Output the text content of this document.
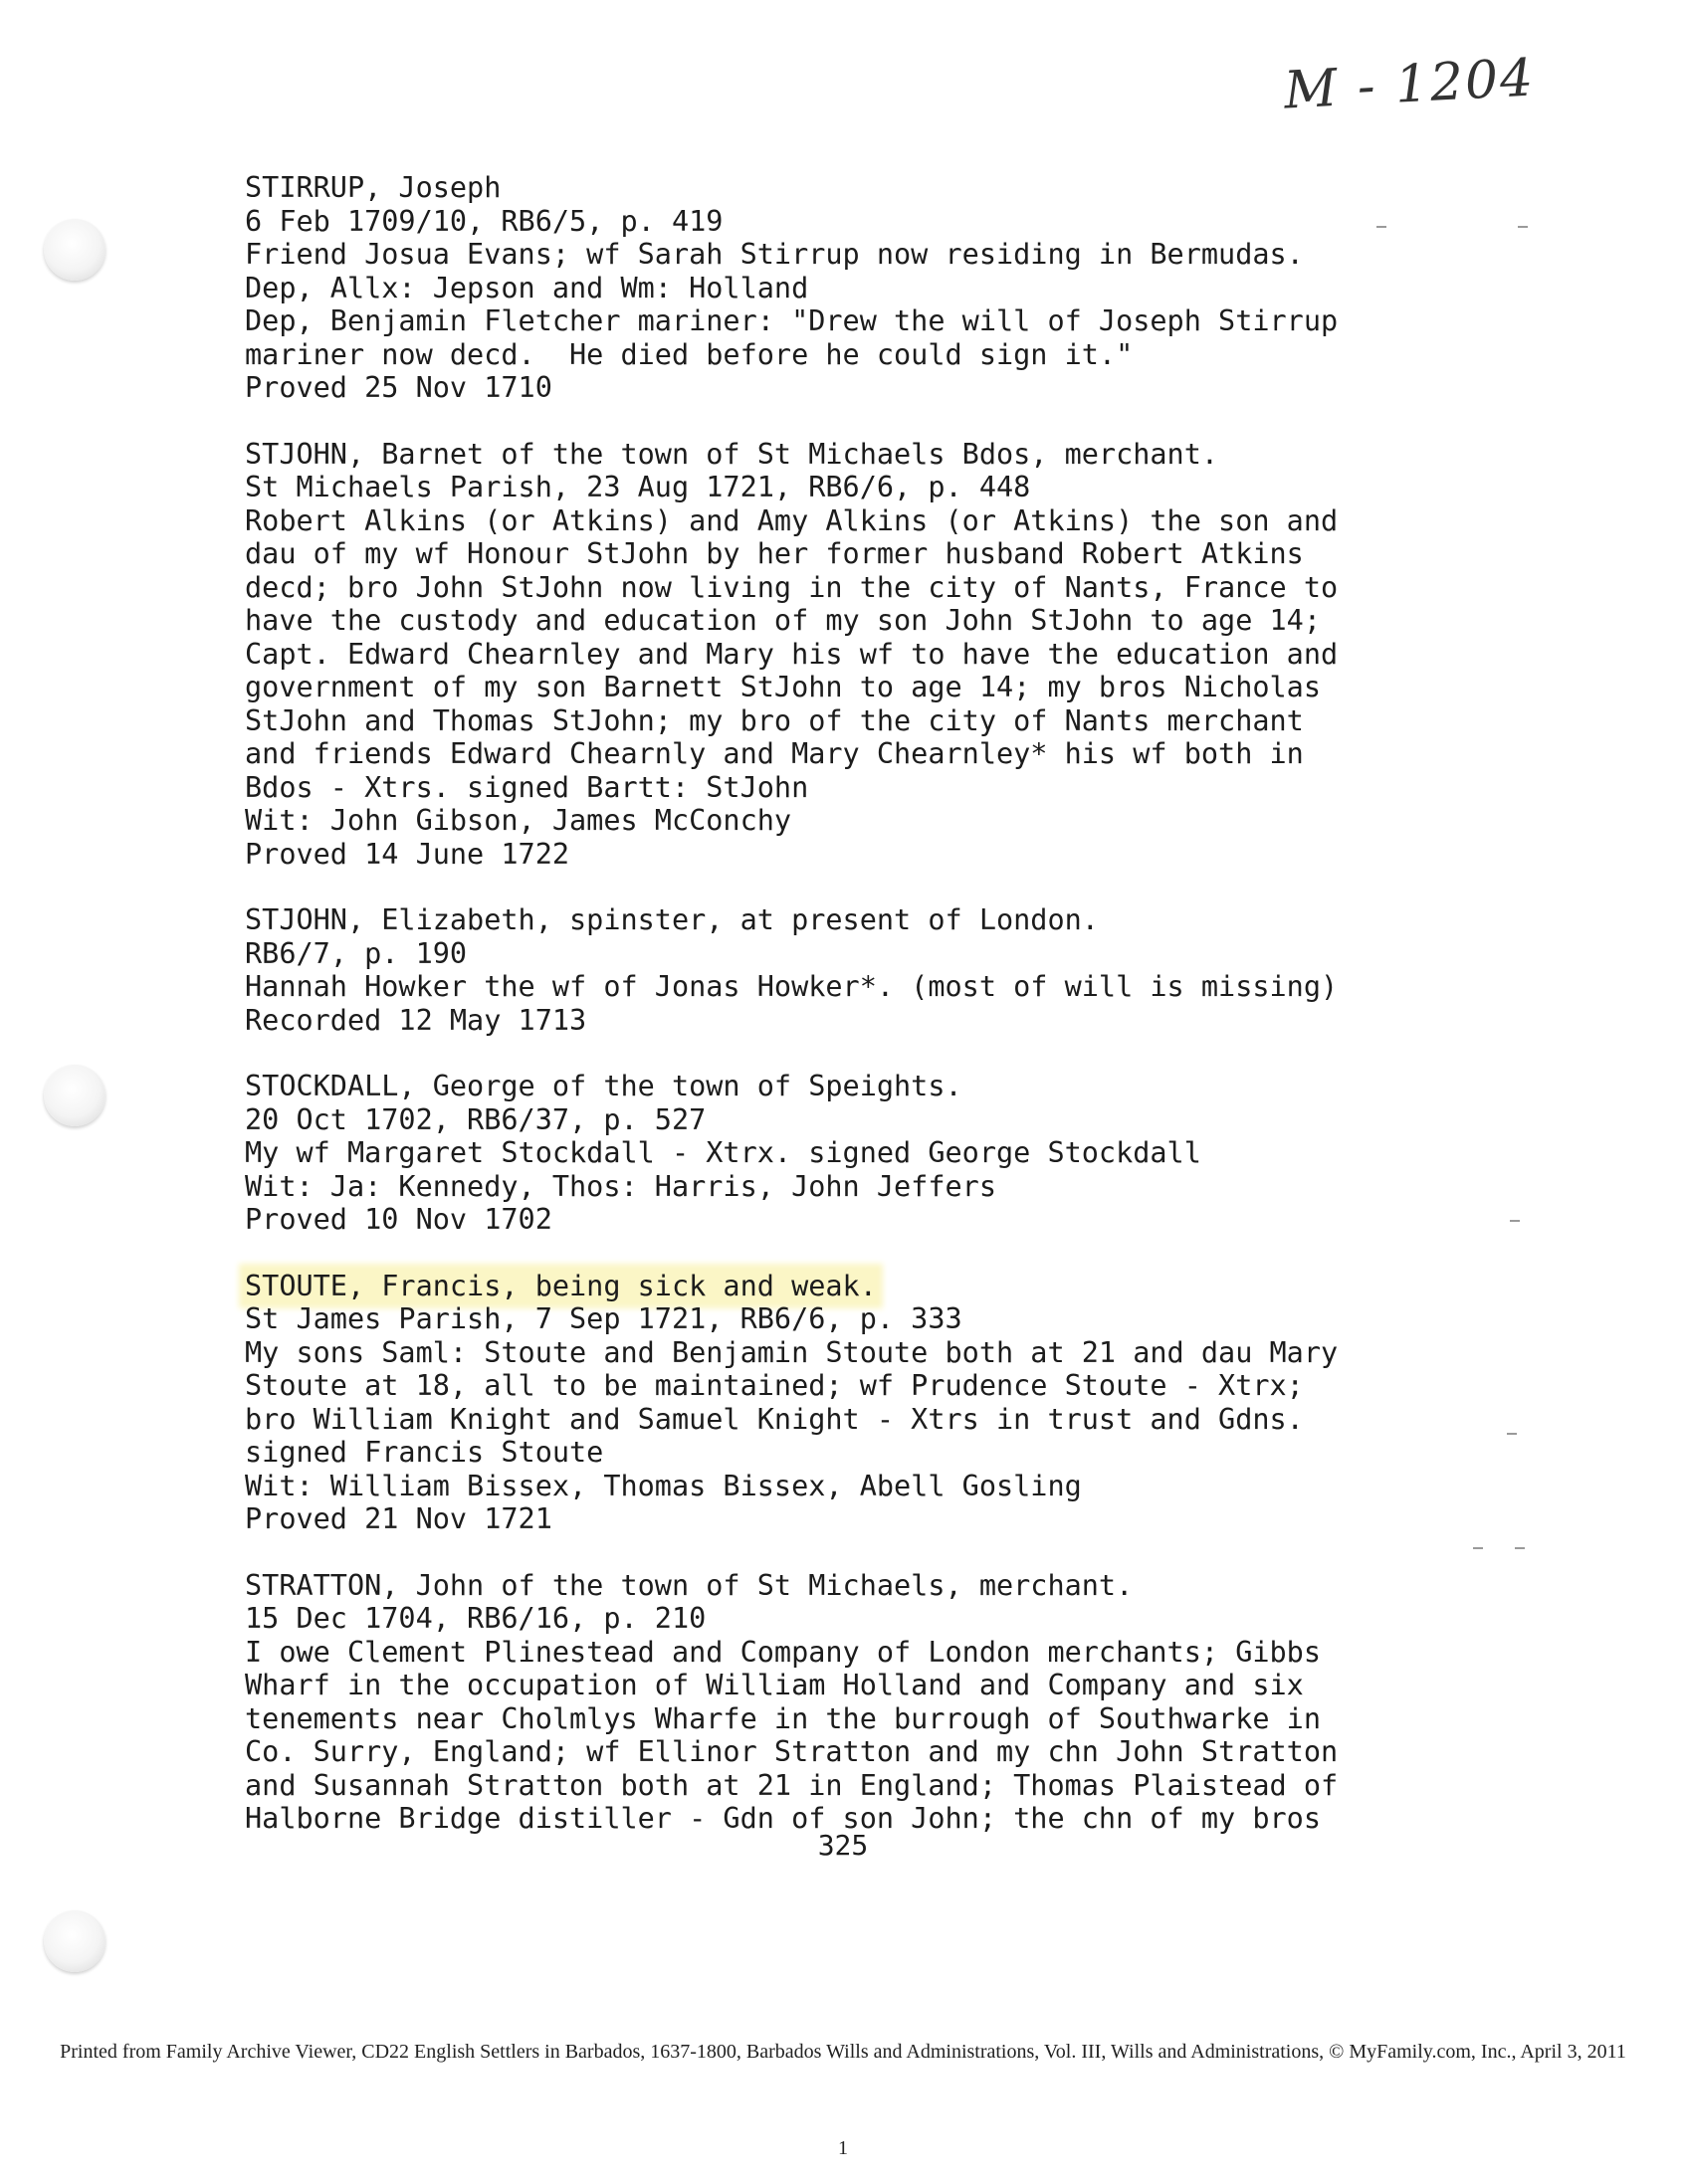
M - 1204
STIRRUP, Joseph
6 Feb 1709/10, RB6/5, p. 419
Friend Josua Evans; wf Sarah Stirrup now residing in Bermudas.
Dep, Allx: Jepson and Wm: Holland
Dep, Benjamin Fletcher mariner: "Drew the will of Joseph Stirrup
mariner now decd.  He died before he could sign it."
Proved 25 Nov 1710
STJOHN, Barnet of the town of St Michaels Bdos, merchant.
St Michaels Parish, 23 Aug 1721, RB6/6, p. 448
Robert Alkins (or Atkins) and Amy Alkins (or Atkins) the son and
dau of my wf Honour StJohn by her former husband Robert Atkins
decd; bro John StJohn now living in the city of Nants, France to
have the custody and education of my son John StJohn to age 14;
Capt. Edward Chearnley and Mary his wf to have the education and
government of my son Barnett StJohn to age 14; my bros Nicholas
StJohn and Thomas StJohn; my bro of the city of Nants merchant
and friends Edward Chearnly and Mary Chearnley* his wf both in
Bdos - Xtrs. signed Bartt: StJohn
Wit: John Gibson, James McConchy
Proved 14 June 1722
STJOHN, Elizabeth, spinster, at present of London.
RB6/7, p. 190
Hannah Howker the wf of Jonas Howker*. (most of will is missing)
Recorded 12 May 1713
STOCKDALL, George of the town of Speights.
20 Oct 1702, RB6/37, p. 527
My wf Margaret Stockdall - Xtrx. signed George Stockdall
Wit: Ja: Kennedy, Thos: Harris, John Jeffers
Proved 10 Nov 1702
STOUTE, Francis, being sick and weak.
St James Parish, 7 Sep 1721, RB6/6, p. 333
My sons Saml: Stoute and Benjamin Stoute both at 21 and dau Mary
Stoute at 18, all to be maintained; wf Prudence Stoute - Xtrx;
bro William Knight and Samuel Knight - Xtrs in trust and Gdns.
signed Francis Stoute
Wit: William Bissex, Thomas Bissex, Abell Gosling
Proved 21 Nov 1721
STRATTON, John of the town of St Michaels, merchant.
15 Dec 1704, RB6/16, p. 210
I owe Clement Plinestead and Company of London merchants; Gibbs
Wharf in the occupation of William Holland and Company and six
tenements near Cholmlys Wharfe in the burrough of Southwarke in
Co. Surry, England; wf Ellinor Stratton and my chn John Stratton
and Susannah Stratton both at 21 in England; Thomas Plaistead of
Halborne Bridge distiller - Gdn of son John; the chn of my bros
325
Printed from Family Archive Viewer, CD22 English Settlers in Barbados, 1637-1800, Barbados Wills and Administrations, Vol. III, Wills and Administrations, © MyFamily.com, Inc., April 3, 2011
1
